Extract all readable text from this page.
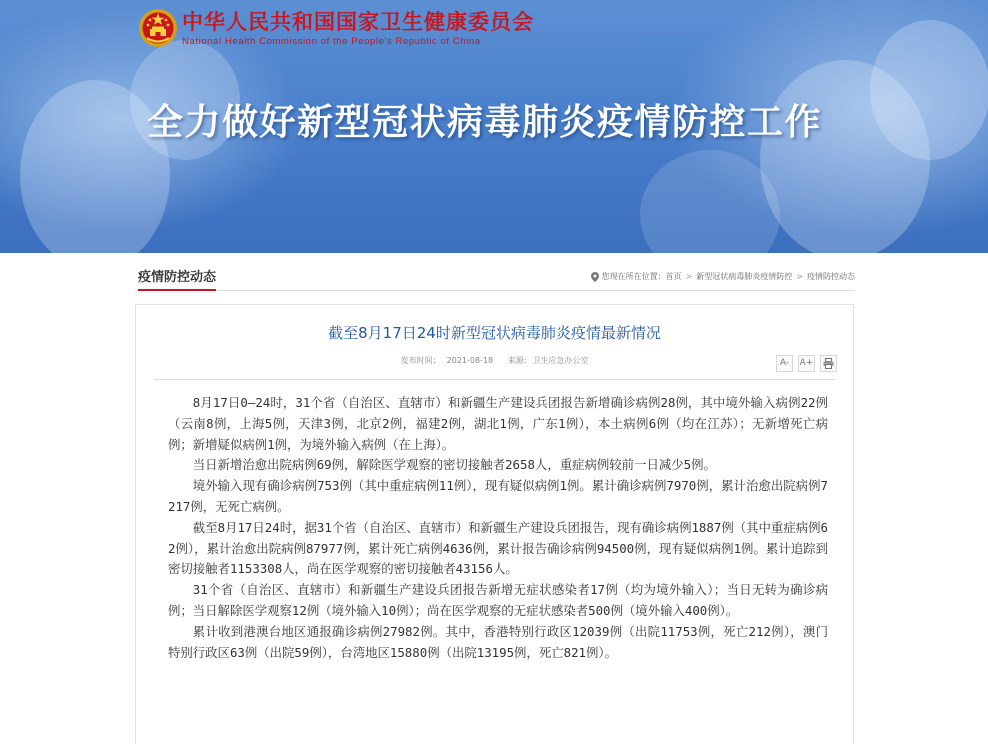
中华人民共和国国家卫生健康委员会
National Health Commission of the People's Republic of China
全力做好新型冠状病毒肺炎疫情防控工作
疫情防控动态	您现在所在位置：首页 > 新型冠状病毒肺炎疫情防控 > 疫情防控动态
截至8月17日24时新型冠状病毒肺炎疫情最新情况
发布时间： 2021-08-18 来源: 卫生应急办公室	A-	A+

8月17日0—24时，31个省（自治区、直辖市）和新疆生产建设兵团报告新增确诊病例28例，其中境外输入病例22例（云南8例，上海5例，天津3例，北京2例，福建2例，湖北1例，广东1例），本土病例6例（均在江苏）；无新增死亡病例；新增疑似病例1例，为境外输入病例（在上海）。

当日新增治愈出院病例69例，解除医学观察的密切接触者2658人，重症病例较前一日减少5例。

境外输入现有确诊病例753例（其中重症病例11例），现有疑似病例1例。累计确诊病例7970例，累计治愈出院病例7217例，无死亡病例。

截至8月17日24时，据31个省（自治区、直辖市）和新疆生产建设兵团报告，现有确诊病例1887例（其中重症病例62例），累计治愈出院病例87977例，累计死亡病例4636例，累计报告确诊病例94500例，现有疑似病例1例。累计追踪到密切接触者1153308人，尚在医学观察的密切接触者43156人。

31个省（自治区、直辖市）和新疆生产建设兵团报告新增无症状感染者17例（均为境外输入）；当日无转为确诊病例；当日解除医学观察12例（境外输入10例）；尚在医学观察的无症状感染者500例（境外输入400例）。

累计收到港澳台地区通报确诊病例27982例。其中，香港特别行政区12039例（出院11753例，死亡212例），澳门特别行政区63例（出院59例），台湾地区15880例（出院13195例，死亡821例）。
